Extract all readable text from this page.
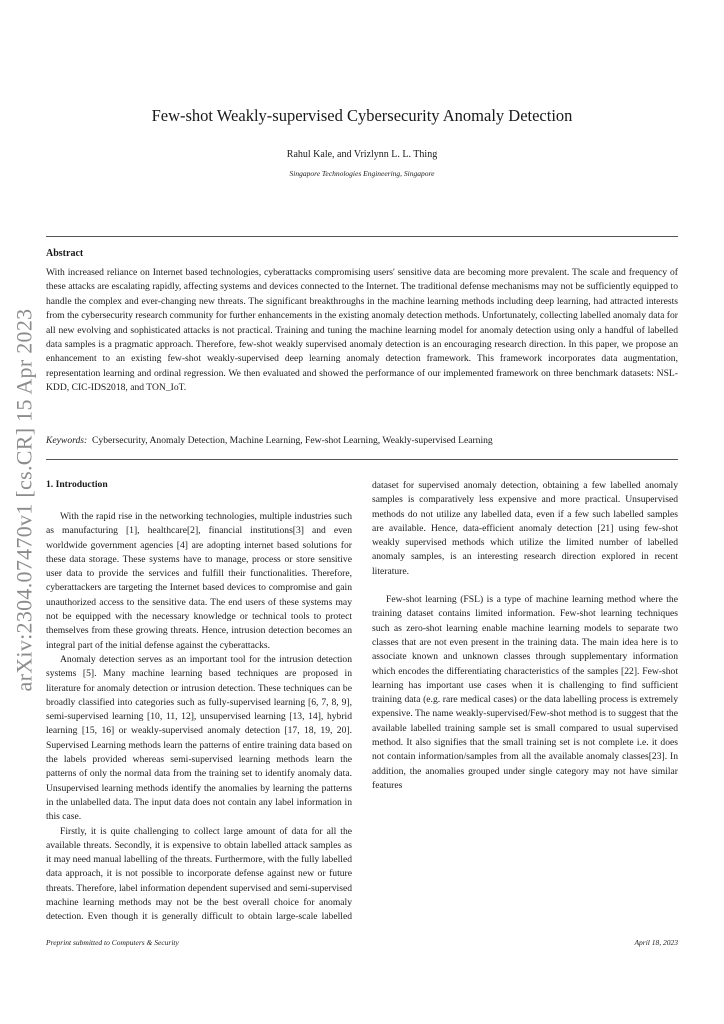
arXiv:2304.07470v1 [cs.CR] 15 Apr 2023
Few-shot Weakly-supervised Cybersecurity Anomaly Detection
Rahul Kale, and Vrizlynn L. L. Thing
Singapore Technologies Engineering, Singapore
Abstract

With increased reliance on Internet based technologies, cyberattacks compromising users' sensitive data are becoming more prevalent. The scale and frequency of these attacks are escalating rapidly, affecting systems and devices connected to the Internet. The traditional defense mechanisms may not be sufficiently equipped to handle the complex and ever-changing new threats. The significant breakthroughs in the machine learning methods including deep learning, had attracted interests from the cybersecurity research community for further enhancements in the existing anomaly detection methods. Unfortunately, collecting labelled anomaly data for all new evolving and sophisticated attacks is not practical. Training and tuning the machine learning model for anomaly detection using only a handful of labelled data samples is a pragmatic approach. Therefore, few-shot weakly supervised anomaly detection is an encouraging research direction. In this paper, we propose an enhancement to an existing few-shot weakly-supervised deep learning anomaly detection framework. This framework incorporates data augmentation, representation learning and ordinal regression. We then evaluated and showed the performance of our implemented framework on three benchmark datasets: NSL-KDD, CIC-IDS2018, and TON_IoT.

Keywords: Cybersecurity, Anomaly Detection, Machine Learning, Few-shot Learning, Weakly-supervised Learning
1. Introduction

With the rapid rise in the networking technologies, multiple industries such as manufacturing [1], healthcare[2], financial institutions[3] and even worldwide government agencies [4] are adopting internet based solutions for these data storage. These systems have to manage, process or store sensitive user data to provide the services and fulfill their functionalities. Therefore, cyberattackers are targeting the Internet based devices to compromise and gain unauthorized access to the sensitive data. The end users of these systems may not be equipped with the necessary knowledge or technical tools to protect themselves from these growing threats. Hence, intrusion detection becomes an integral part of the initial defense against the cyberattacks.

Anomaly detection serves as an important tool for the intrusion detection systems [5]. Many machine learning based techniques are proposed in literature for anomaly detection or intrusion detection. These techniques can be broadly classified into categories such as fully-supervised learning [6, 7, 8, 9], semi-supervised learning [10, 11, 12], unsupervised learning [13, 14], hybrid learning [15, 16] or weakly-supervised anomaly detection [17, 18, 19, 20]. Supervised Learning methods learn the patterns of entire training data based on the labels provided whereas semi-supervised learning methods learn the patterns of only the normal data from the training set to identify anomaly data. Unsupervised learning methods identify the anomalies by learning the patterns in the unlabelled data. The input data does not contain any label information in this case.

Firstly, it is quite challenging to collect large amount of data for all the available threats. Secondly, it is expensive to obtain labelled attack samples as it may need manual labelling of the threats. Furthermore, with the fully labelled data approach, it is not possible to incorporate defense against new or future threats. Therefore, label information dependent supervised and semi-supervised machine learning methods may not be the best overall choice for anomaly detection. Even though it is generally difficult to obtain large-scale labelled

dataset for supervised anomaly detection, obtaining a few labelled anomaly samples is comparatively less expensive and more practical. Unsupervised methods do not utilize any labelled data, even if a few such labelled samples are available. Hence, data-efficient anomaly detection [21] using few-shot weakly supervised methods which utilize the limited number of labelled anomaly samples, is an interesting research direction explored in recent literature.

Few-shot learning (FSL) is a type of machine learning method where the training dataset contains limited information. Few-shot learning techniques such as zero-shot learning enable machine learning models to separate two classes that are not even present in the training data. The main idea here is to associate known and unknown classes through supplementary information which encodes the differentiating characteristics of the samples [22]. Few-shot learning has important use cases when it is challenging to find sufficient training data (e.g. rare medical cases) or the data labelling process is extremely expensive. The name weakly-supervised/Few-shot method is to suggest that the available labelled training sample set is small compared to usual supervised method. It also signifies that the small training set is not complete i.e. it does not contain information/samples from all the available anomaly classes[23]. In addition, the anomalies grouped under single category may not have similar features

Preprint submitted to Computers & Security	April 18, 2023
